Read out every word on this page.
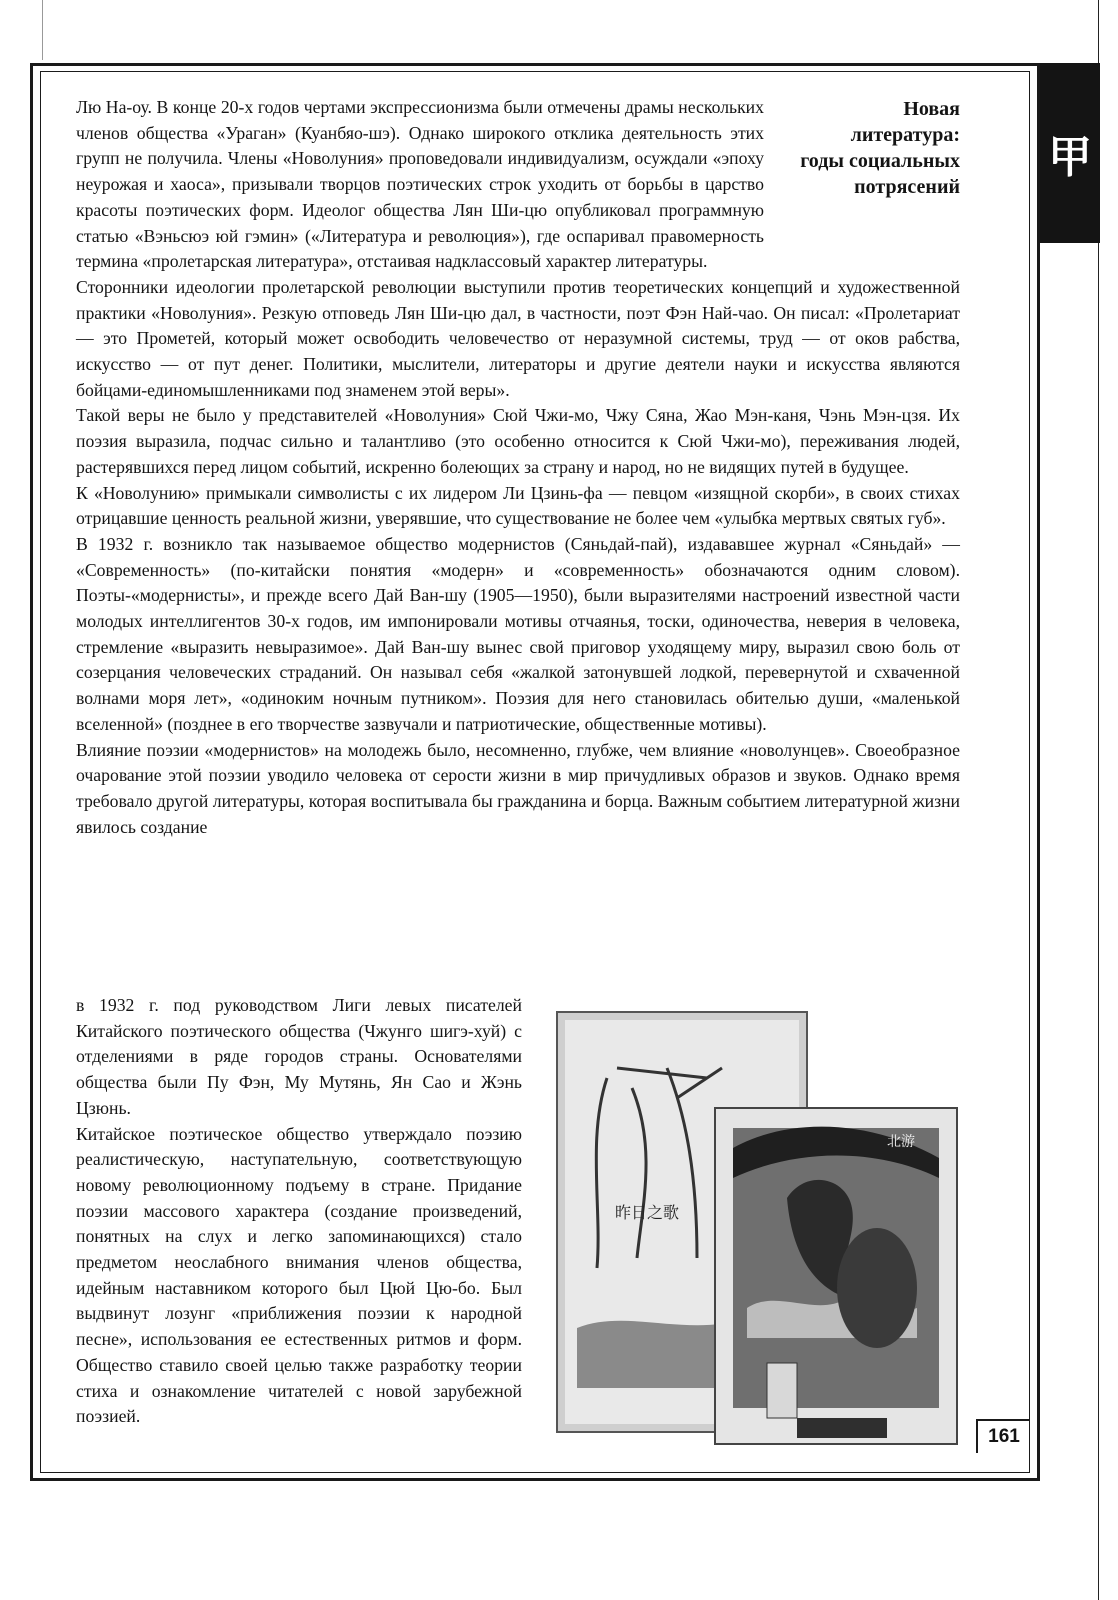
甲
Новая
литература:
годы социальных
потрясений

Лю На-оу. В конце 20-х годов чертами экспрессионизма были отмечены драмы нескольких членов общества «Ураган» (Куанбяо-шэ). Однако широкого отклика деятельность этих групп не получила. Члены «Новолуния» проповедовали индивидуализм, осуждали «эпоху неурожая и хаоса», призывали творцов поэтических строк уходить от борьбы в царство красоты поэтических форм. Идеолог общества Лян Ши-цю опубликовал программную статью «Вэньсюэ юй гэмин» («Литература и революция»), где оспаривал правомерность термина «пролетарская литература», отстаивая надклассовый характер литературы.

Сторонники идеологии пролетарской революции выступили против теоретических концепций и художественной практики «Новолуния». Резкую отповедь Лян Ши-цю дал, в частности, поэт Фэн Най-чао. Он писал: «Пролетариат — это Прометей, который может освободить человечество от неразумной системы, труд — от оков рабства, искусство — от пут денег. Политики, мыслители, литераторы и другие деятели науки и искусства являются бойцами-единомышленниками под знаменем этой веры».

Такой веры не было у представителей «Новолуния» Сюй Чжи-мо, Чжу Сяна, Жао Мэн-каня, Чэнь Мэн-цзя. Их поэзия выразила, подчас сильно и талантливо (это особенно относится к Сюй Чжи-мо), переживания людей, растерявшихся перед лицом событий, искренно болеющих за страну и народ, но не видящих путей в будущее.

К «Новолунию» примыкали символисты с их лидером Ли Цзинь-фа — певцом «изящной скорби», в своих стихах отрицавшие ценность реальной жизни, уверявшие, что существование не более чем «улыбка мертвых святых губ».

В 1932 г. возникло так называемое общество модернистов (Сяньдай-пай), издававшее журнал «Сяньдай» — «Современность» (по-китайски понятия «модерн» и «современность» обозначаются одним словом). Поэты-«модернисты», и прежде всего Дай Ван-шу (1905—1950), были выразителями настроений известной части молодых интеллигентов 30-х годов, им импонировали мотивы отчаянья, тоски, одиночества, неверия в человека, стремление «выразить невыразимое». Дай Ван-шу вынес свой приговор уходящему миру, выразил свою боль от созерцания человеческих страданий. Он называл себя «жалкой затонувшей лодкой, перевернутой и схваченной волнами моря лет», «одиноким ночным путником». Поэзия для него становилась обителью души, «маленькой вселенной» (позднее в его творчестве зазвучали и патриотические, общественные мотивы).

Влияние поэзии «модернистов» на молодежь было, несомненно, глубже, чем влияние «новолунцев». Своеобразное очарование этой поэзии уводило человека от серости жизни в мир причудливых образов и звуков. Однако время требовало другой литературы, которая воспитывала бы гражданина и борца. Важным событием литературной жизни явилось создание

в 1932 г. под руководством Лиги левых писателей Китайского поэтического общества (Чжунго шигэ-хуй) с отделениями в ряде городов страны. Основателями общества были Пу Фэн, Му Мутянь, Ян Сао и Жэнь Цзюнь.

Китайское поэтическое общество утверждало поэзию реалистическую, наступательную, соответствующую новому революционному подъему в стране. Придание поэзии массового характера (создание произведений, понятных на слух и легко запоминающихся) стало предметом неослабного внимания членов общества, идейным наставником которого был Цюй Цю-бо. Был выдвинут лозунг «приближения поэзии к народной песне», использования ее естественных ритмов и форм. Общество ставило своей целью также разработку теории стиха и ознакомление читателей с новой зарубежной поэзией.

昨日之歌
北游
161
